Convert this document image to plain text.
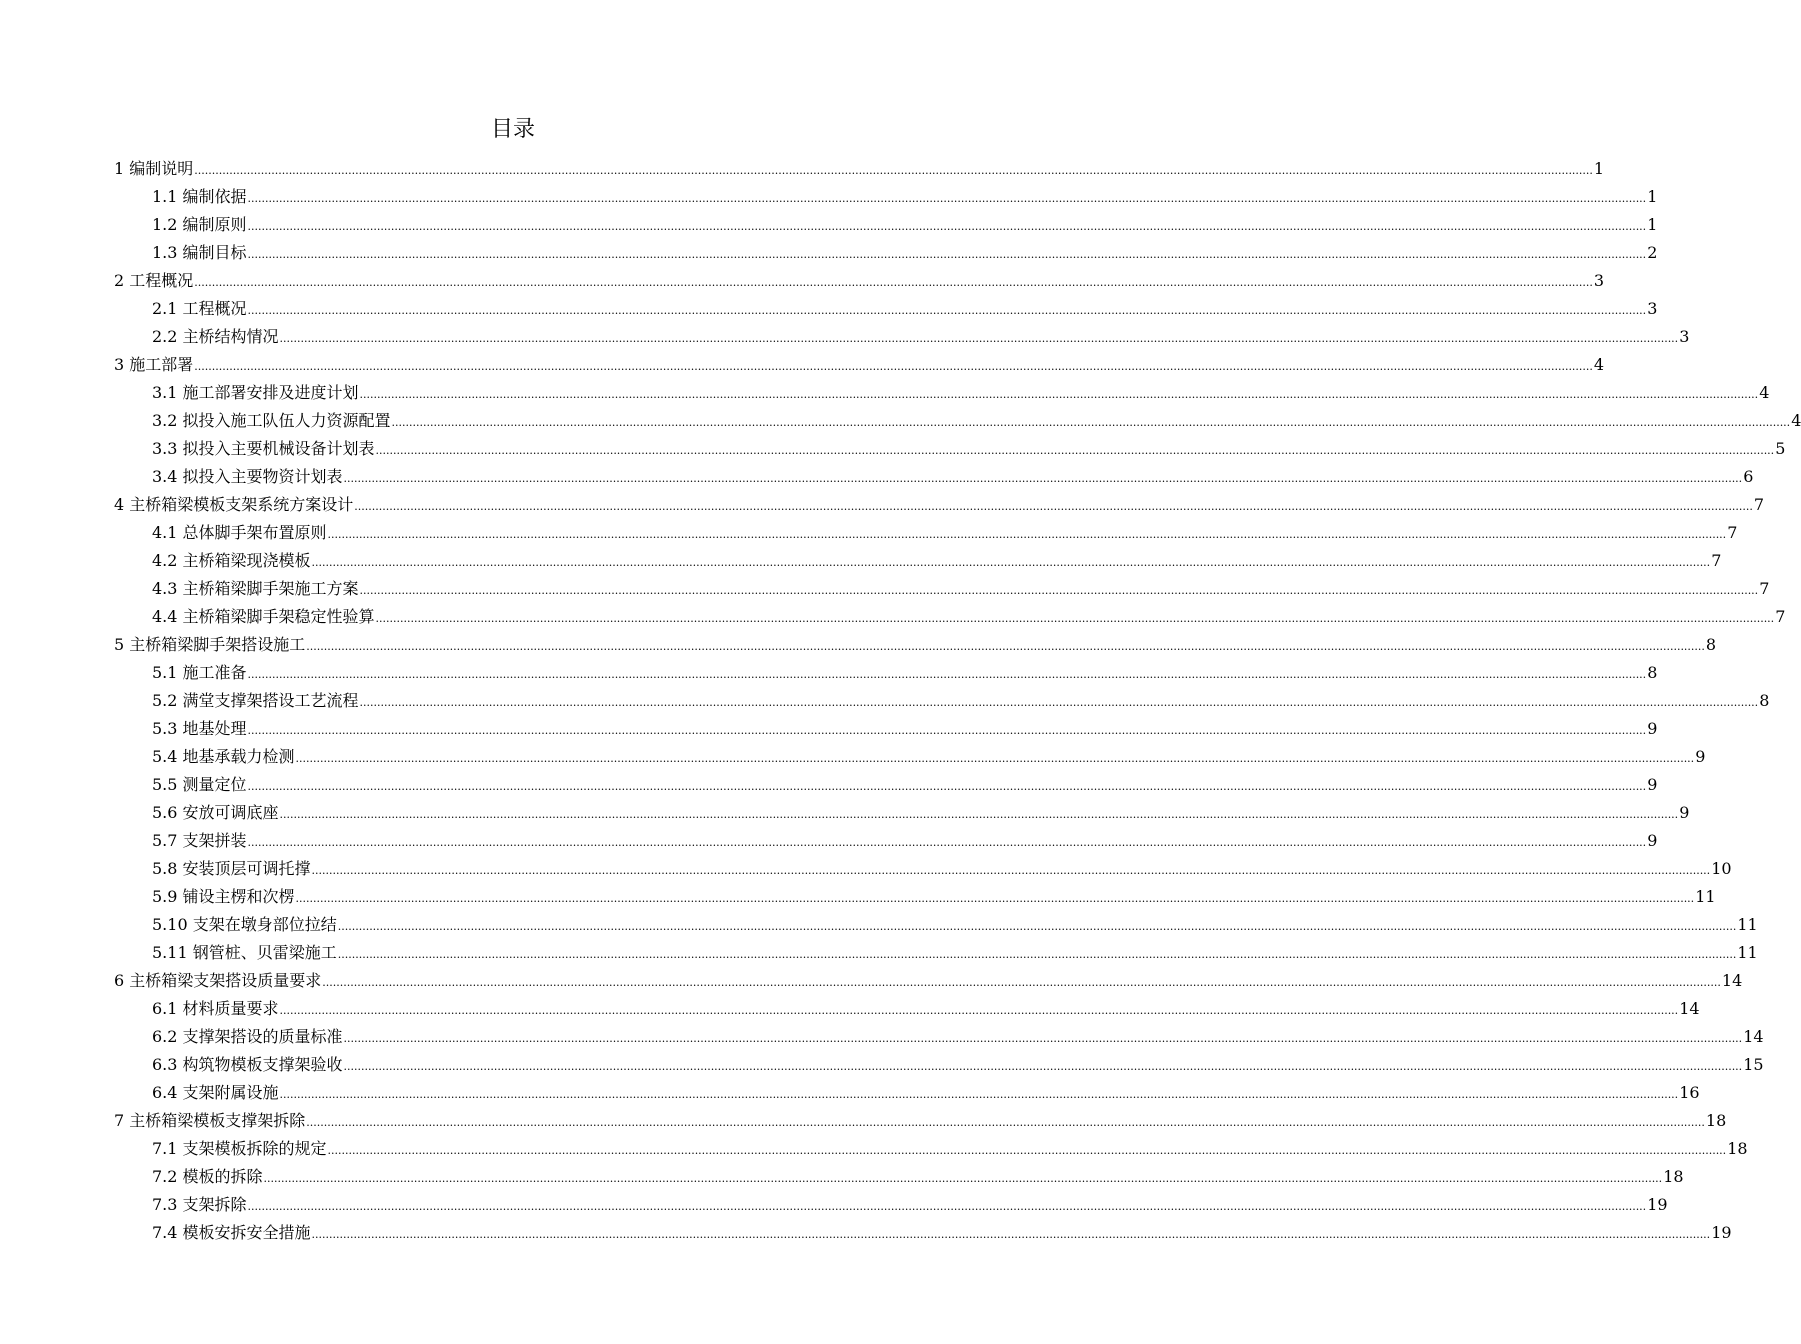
目录
1 编制说明 ................................................................................................................................................................................................................................................................................................................................................................................................................ 1
1.1 编制依据 ................................................................................................................................................................................................................................................................................................................................................................................................................ 1
1.2 编制原则 ................................................................................................................................................................................................................................................................................................................................................................................................................ 1
1.3 编制目标 ................................................................................................................................................................................................................................................................................................................................................................................................................ 2
2 工程概况 ................................................................................................................................................................................................................................................................................................................................................................................................................ 3
2.1 工程概况 ................................................................................................................................................................................................................................................................................................................................................................................................................ 3
2.2 主桥结构情况 ................................................................................................................................................................................................................................................................................................................................................................................................................ 3
3 施工部署 ................................................................................................................................................................................................................................................................................................................................................................................................................ 4
3.1 施工部署安排及进度计划 ................................................................................................................................................................................................................................................................................................................................................................................................................ 4
3.2 拟投入施工队伍人力资源配置 ................................................................................................................................................................................................................................................................................................................................................................................................................ 4
3.3 拟投入主要机械设备计划表 ................................................................................................................................................................................................................................................................................................................................................................................................................ 5
3.4 拟投入主要物资计划表 ................................................................................................................................................................................................................................................................................................................................................................................................................ 6
4 主桥箱梁模板支架系统方案设计 ................................................................................................................................................................................................................................................................................................................................................................................................................ 7
4.1 总体脚手架布置原则 ................................................................................................................................................................................................................................................................................................................................................................................................................ 7
4.2 主桥箱梁现浇模板 ................................................................................................................................................................................................................................................................................................................................................................................................................ 7
4.3 主桥箱梁脚手架施工方案 ................................................................................................................................................................................................................................................................................................................................................................................................................ 7
4.4 主桥箱梁脚手架稳定性验算 ................................................................................................................................................................................................................................................................................................................................................................................................................ 7
5 主桥箱梁脚手架搭设施工 ................................................................................................................................................................................................................................................................................................................................................................................................................ 8
5.1 施工准备 ................................................................................................................................................................................................................................................................................................................................................................................................................ 8
5.2 满堂支撑架搭设工艺流程 ................................................................................................................................................................................................................................................................................................................................................................................................................ 8
5.3 地基处理 ................................................................................................................................................................................................................................................................................................................................................................................................................ 9
5.4 地基承载力检测 ................................................................................................................................................................................................................................................................................................................................................................................................................ 9
5.5 测量定位 ................................................................................................................................................................................................................................................................................................................................................................................................................ 9
5.6 安放可调底座 ................................................................................................................................................................................................................................................................................................................................................................................................................ 9
5.7 支架拼装 ................................................................................................................................................................................................................................................................................................................................................................................................................ 9
5.8 安装顶层可调托撑 ................................................................................................................................................................................................................................................................................................................................................................................................................ 10
5.9 铺设主楞和次楞 ................................................................................................................................................................................................................................................................................................................................................................................................................ 11
5.10 支架在墩身部位拉结 ................................................................................................................................................................................................................................................................................................................................................................................................................ 11
5.11 钢管桩、贝雷梁施工 ................................................................................................................................................................................................................................................................................................................................................................................................................ 11
6 主桥箱梁支架搭设质量要求 ................................................................................................................................................................................................................................................................................................................................................................................................................ 14
6.1 材料质量要求 ................................................................................................................................................................................................................................................................................................................................................................................................................ 14
6.2 支撑架搭设的质量标准 ................................................................................................................................................................................................................................................................................................................................................................................................................ 14
6.3 构筑物模板支撑架验收 ................................................................................................................................................................................................................................................................................................................................................................................................................ 15
6.4 支架附属设施 ................................................................................................................................................................................................................................................................................................................................................................................................................ 16
7 主桥箱梁模板支撑架拆除 ................................................................................................................................................................................................................................................................................................................................................................................................................ 18
7.1 支架模板拆除的规定 ................................................................................................................................................................................................................................................................................................................................................................................................................ 18
7.2 模板的拆除 ................................................................................................................................................................................................................................................................................................................................................................................................................ 18
7.3 支架拆除 ................................................................................................................................................................................................................................................................................................................................................................................................................ 19
7.4 模板安拆安全措施 ................................................................................................................................................................................................................................................................................................................................................................................................................ 19
